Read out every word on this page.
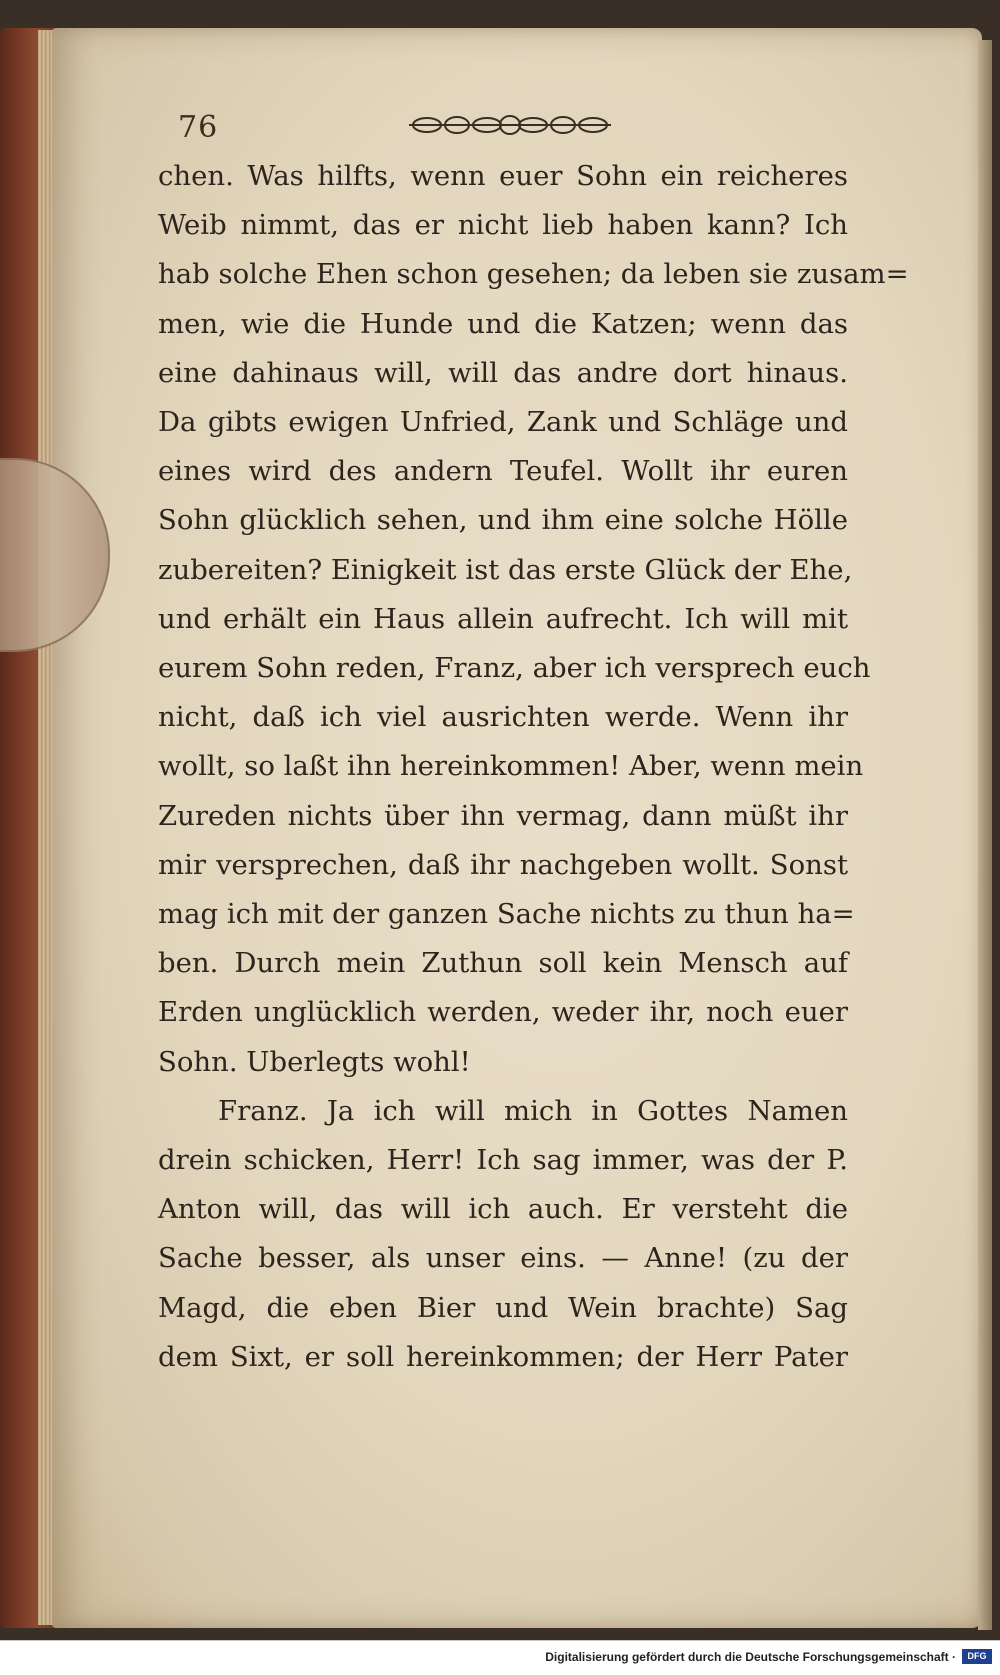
76
chen. Was hilfts, wenn euer Sohn ein reicheres
Weib nimmt, das er nicht lieb haben kann? Ich
hab solche Ehen schon gesehen; da leben sie zusam=
men, wie die Hunde und die Katzen; wenn das
eine dahinaus will, will das andre dort hinaus.
Da gibts ewigen Unfried, Zank und Schläge und
eines wird des andern Teufel. Wollt ihr euren
Sohn glücklich sehen, und ihm eine solche Hölle
zubereiten? Einigkeit ist das erste Glück der Ehe,
und erhält ein Haus allein aufrecht. Ich will mit
eurem Sohn reden, Franz, aber ich versprech euch
nicht, daß ich viel ausrichten werde. Wenn ihr
wollt, so laßt ihn hereinkommen! Aber, wenn mein
Zureden nichts über ihn vermag, dann müßt ihr
mir versprechen, daß ihr nachgeben wollt. Sonst
mag ich mit der ganzen Sache nichts zu thun ha=
ben. Durch mein Zuthun soll kein Mensch auf
Erden unglücklich werden, weder ihr, noch euer
Sohn. Uberlegts wohl!
Franz. Ja ich will mich in Gottes Namen
drein schicken, Herr! Ich sag immer, was der P.
Anton will, das will ich auch. Er versteht die
Sache besser, als unser eins. — Anne! (zu der
Magd, die eben Bier und Wein brachte) Sag
dem Sixt, er soll hereinkommen; der Herr Pater
Digitalisierung gefördert durch die Deutsche Forschungsgemeinschaft ·	DFG
